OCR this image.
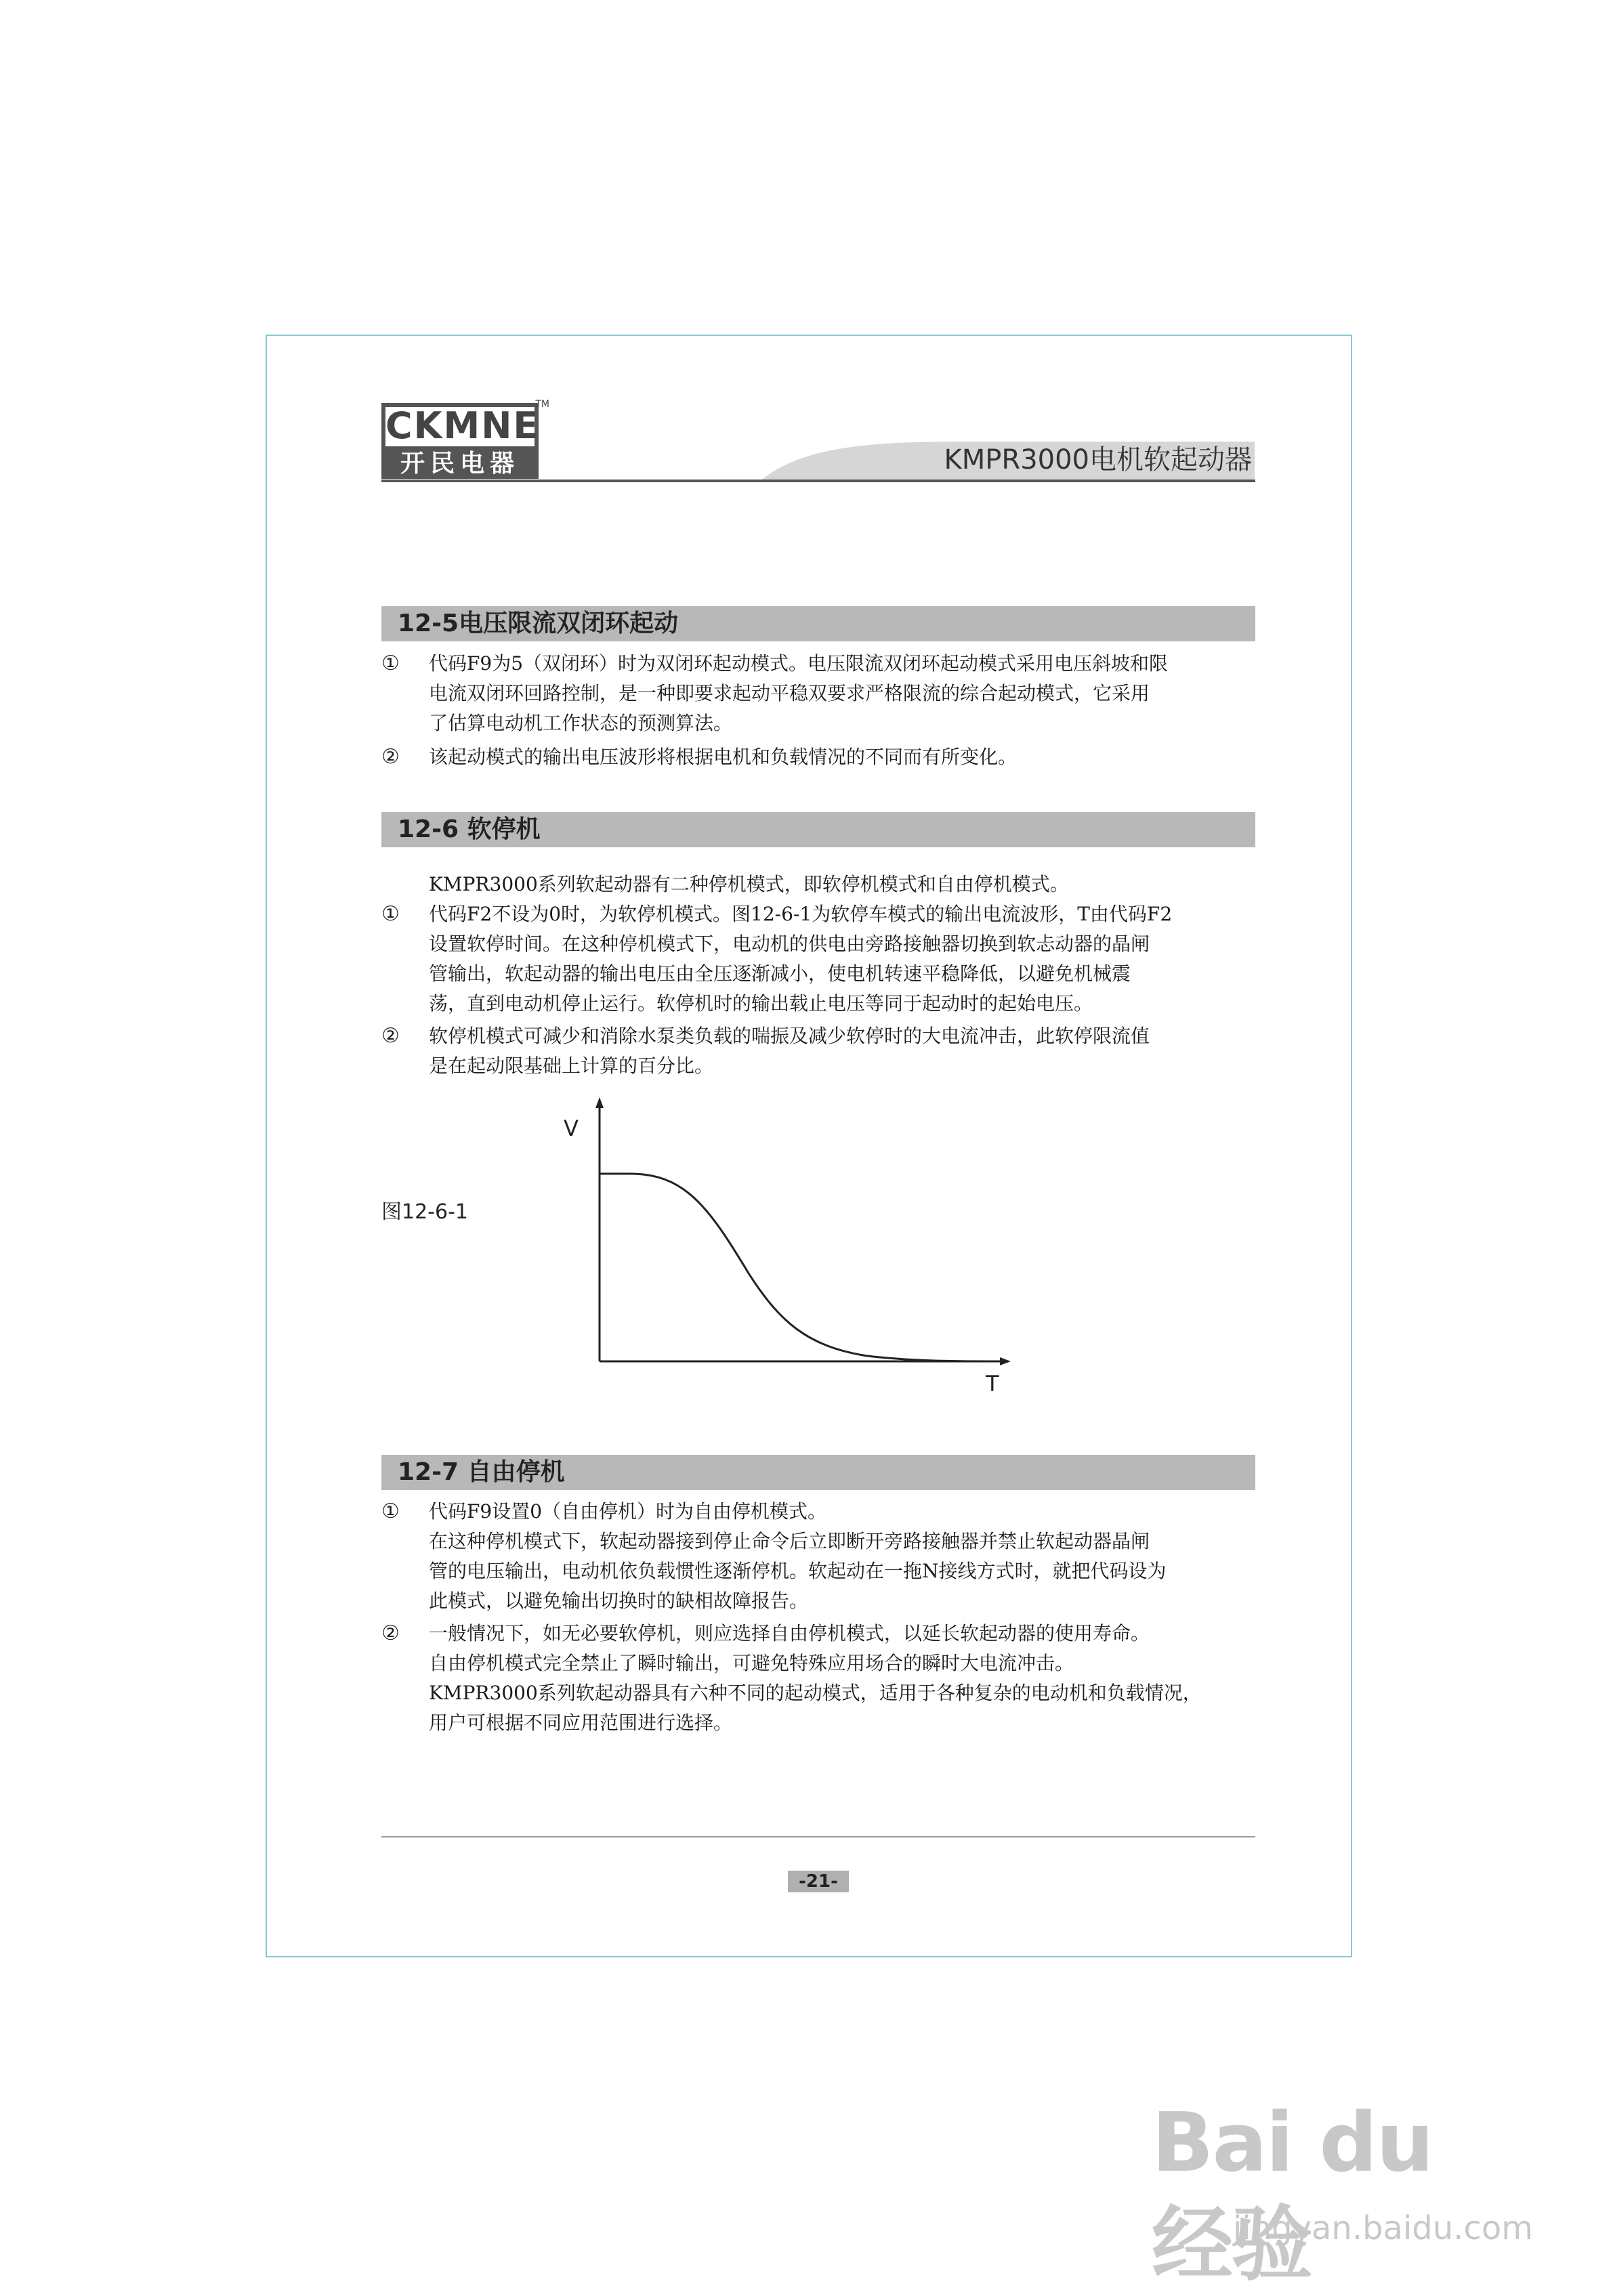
CKMNE
TM
开民电器	KMPR3000电机软起动器
12-5电压限流双闭环起动
① 代码F9为5（双闭环）时为双闭环起动模式。电压限流双闭环起动模式采用电压斜坡和限
电流双闭环回路控制，是一种即要求起动平稳双要求严格限流的综合起动模式，它采用
了估算电动机工作状态的预测算法。
② 该起动模式的输出电压波形将根据电机和负载情况的不同而有所变化。
12-6 软停机
KMPR3000系列软起动器有二种停机模式，即软停机模式和自由停机模式。
① 代码F2不设为0时，为软停机模式。图12-6-1为软停车模式的输出电流波形，T由代码F2
设置软停时间。在这种停机模式下，电动机的供电由旁路接触器切换到软忐动器的晶闸
管输出，软起动器的输出电压由全压逐渐减小，使电机转速平稳降低，以避免机械震
荡，直到电动机停止运行。软停机时的输出载止电压等同于起动时的起始电压。
② 软停机模式可减少和消除水泵类负载的喘振及减少软停时的大电流冲击，此软停限流值
是在起动限基础上计算的百分比。
图12-6-1
V
T
12-7 自由停机
① 代码F9设置0（自由停机）时为自由停机模式。
在这种停机模式下，软起动器接到停止命令后立即断开旁路接触器并禁止软起动器晶闸
管的电压输出，电动机依负载惯性逐渐停机。软起动在一拖N接线方式时，就把代码设为
此模式，以避免输出切换时的缺相故障报告。
② 一般情况下，如无必要软停机，则应选择自由停机模式，以延长软起动器的使用寿命。
自由停机模式完全禁止了瞬时输出，可避免特殊应用场合的瞬时大电流冲击。
KMPR3000系列软起动器具有六种不同的起动模式，适用于各种复杂的电动机和负载情况，
用户可根据不同应用范围进行选择。
-21-
Bai du 经验
jingyan.baidu.com
